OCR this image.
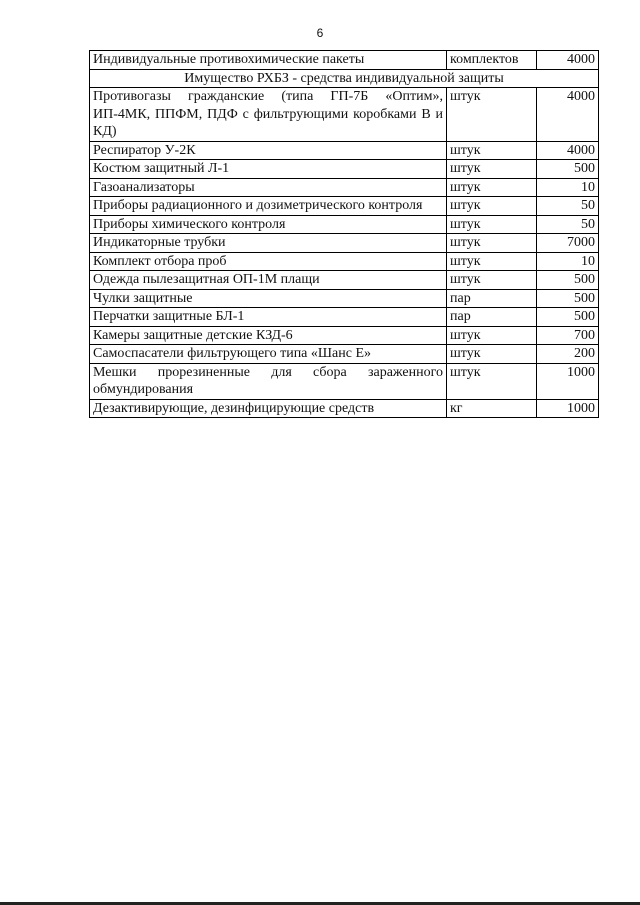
6
Индивидуальные противохимические пакеты	комплектов	4000
Имущество РХБЗ - средства индивидуальной защиты		
Противогазы гражданские (типа ГП-7Б «Оптим», ИП-4МК, ППФМ, ПДФ с фильтрующими коробками В и КД)	штук	4000
Респиратор У-2К	штук	4000
Костюм защитный Л-1	штук	500
Газоанализаторы	штук	10
Приборы радиационного и дозиметрического контроля	штук	50
Приборы химического контроля	штук	50
Индикаторные трубки	штук	7000
Комплект отбора проб	штук	10
Одежда пылезащитная ОП-1М плащи	штук	500
Чулки защитные	пар	500
Перчатки защитные БЛ-1	пар	500
Камеры защитные детские КЗД-6	штук	700
Самоспасатели фильтрующего типа «Шанс Е»	штук	200
Мешки прорезиненные для сбора зараженного обмундирования	штук	1000
Дезактивирующие, дезинфицирующие средств	кг	1000
